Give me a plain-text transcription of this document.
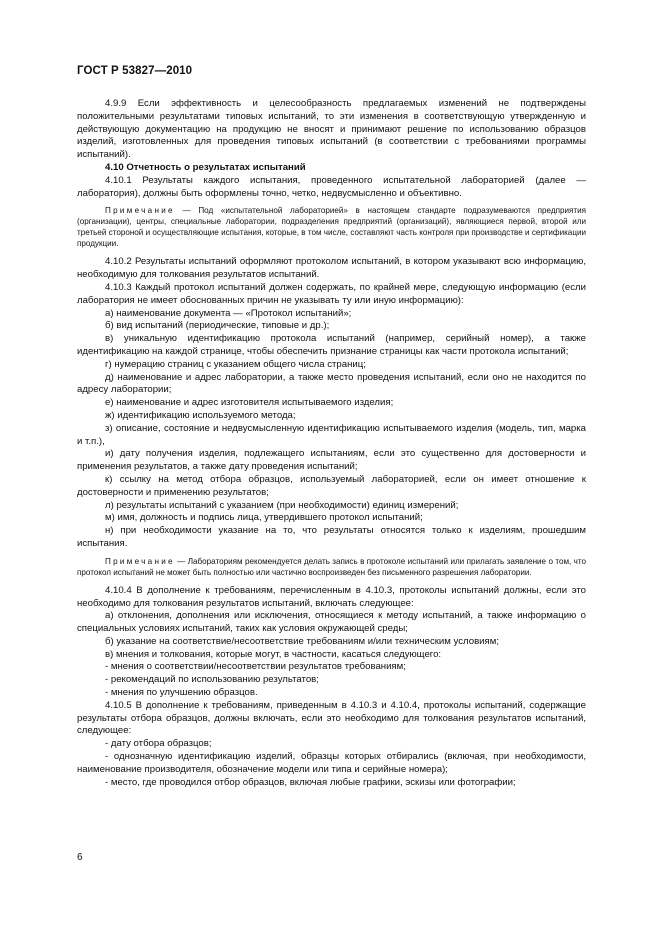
ГОСТ Р 53827—2010

4.9.9 Если эффективность и целесообразность предлагаемых изменений не подтверждены положительными результатами типовых испытаний, то эти изменения в соответствующую утвержденную и действующую документацию на продукцию не вносят и принимают решение по использованию образцов изделий, изготовленных для проведения типовых испытаний (в соответствии с требованиями программы испытаний).

4.10 Отчетность о результатах испытаний

4.10.1 Результаты каждого испытания, проведенного испытательной лабораторией (далее — лаборатория), должны быть оформлены точно, четко, недвусмысленно и объективно.

Примечание — Под «испытательной лабораторией» в настоящем стандарте подразумеваются предприятия (организации), центры, специальные лаборатории, подразделения предприятий (организаций), являющиеся первой, второй или третьей стороной и осуществляющие испытания, которые, в том числе, составляют часть контроля при производстве и сертификации продукции.

4.10.2 Результаты испытаний оформляют протоколом испытаний, в котором указывают всю информацию, необходимую для толкования результатов испытаний.

4.10.3 Каждый протокол испытаний должен содержать, по крайней мере, следующую информацию (если лаборатория не имеет обоснованных причин не указывать ту или иную информацию):

а) наименование документа — «Протокол испытаний»;

б) вид испытаний (периодические, типовые и др.);

в) уникальную идентификацию протокола испытаний (например, серийный номер), а также идентификацию на каждой странице, чтобы обеспечить признание страницы как части протокола испытаний;

г) нумерацию страниц с указанием общего числа страниц;

д) наименование и адрес лаборатории, а также место проведения испытаний, если оно не находится по адресу лаборатории;

е) наименование и адрес изготовителя испытываемого изделия;

ж) идентификацию используемого метода;

з) описание, состояние и недвусмысленную идентификацию испытываемого изделия (модель, тип, марка и т.п.),

и) дату получения изделия, подлежащего испытаниям, если это существенно для достоверности и применения результатов, а также дату проведения испытаний;

к) ссылку на метод отбора образцов, используемый лабораторией, если он имеет отношение к достоверности и применению результатов;

л) результаты испытаний с указанием (при необходимости) единиц измерений;

м) имя, должность и подпись лица, утвердившего протокол испытаний;

н) при необходимости указание на то, что результаты относятся только к изделиям, прошедшим испытания.

Примечание — Лабораториям рекомендуется делать запись в протоколе испытаний или прилагать заявление о том, что протокол испытаний не может быть полностью или частично воспроизведен без письменного разрешения лаборатории.

4.10.4 В дополнение к требованиям, перечисленным в 4.10.3, протоколы испытаний должны, если это необходимо для толкования результатов испытаний, включать следующее:

а) отклонения, дополнения или исключения, относящиеся к методу испытаний, а также информацию о специальных условиях испытаний, таких как условия окружающей среды;

б) указание на соответствие/несоответствие требованиям и/или техническим условиям;

в) мнения и толкования, которые могут, в частности, касаться следующего:

- мнения о соответствии/несоответствии результатов требованиям;

- рекомендаций по использованию результатов;

- мнения по улучшению образцов.

4.10.5 В дополнение к требованиям, приведенным в 4.10.3 и 4.10.4, протоколы испытаний, содержащие результаты отбора образцов, должны включать, если это необходимо для толкования результатов испытаний, следующее:

- дату отбора образцов;

- однозначную идентификацию изделий, образцы которых отбирались (включая, при необходимости, наименование производителя, обозначение модели или типа и серийные номера);

- место, где проводился отбор образцов, включая любые графики, эскизы или фотографии;

6
